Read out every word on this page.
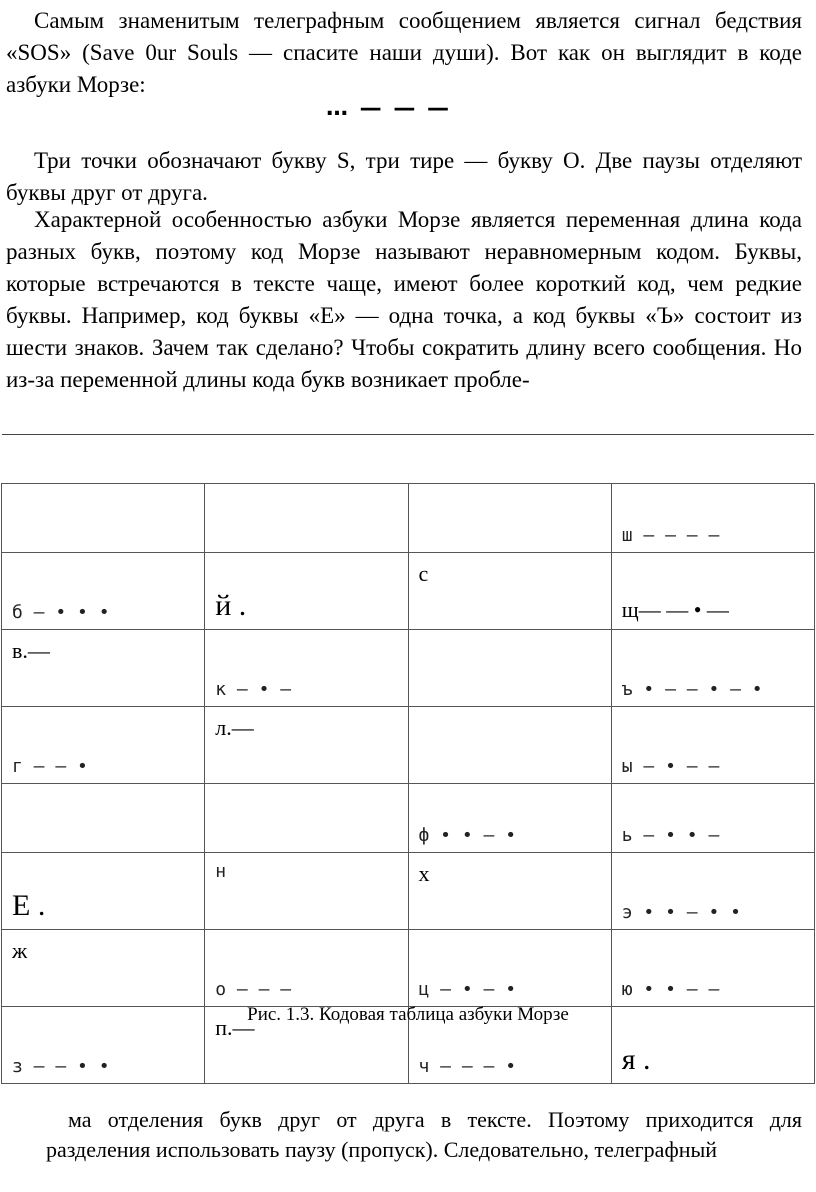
Самым знаменитым телеграфным сообщением является сигнал бедствия «SOS» (Save 0ur Souls — спасите наши души). Вот как он выглядит в коде азбуки Морзе:

… — — —

Три точки обозначают букву S, три тире — букву О. Две паузы отделяют буквы друг от друга.

Характерной особенностью азбуки Морзе является переменная длина кода разных букв, поэтому код Морзе называют неравномерным кодом. Буквы, которые встречаются в тексте чаще, имеют более короткий код, чем редкие буквы. Например, код буквы «Е» — одна точка, а код буквы «Ъ» состоит из шести знаков. Зачем так сделано? Чтобы сократить длину всего сообщения. Но из-за переменной длины кода букв возникает пробле-

			ш — — — —
б — • • •	й .	с	щ— — • —
в.—	к — • —		ъ • — — • — •
г — — •	л.—		ы — • — —
		ф • • — •	ь — • • —
Е .	н	х	э • • — • •
ж	о — — —	ц — • — •	ю • • — —
з — — • •	п.—	ч — — — •	я .
Рис. 1.3. Кодовая таблица азбуки Морзе

ма отделения букв друг от друга в тексте. Поэтому приходится для разделения использовать паузу (пропуск). Следовательно, телеграфный
